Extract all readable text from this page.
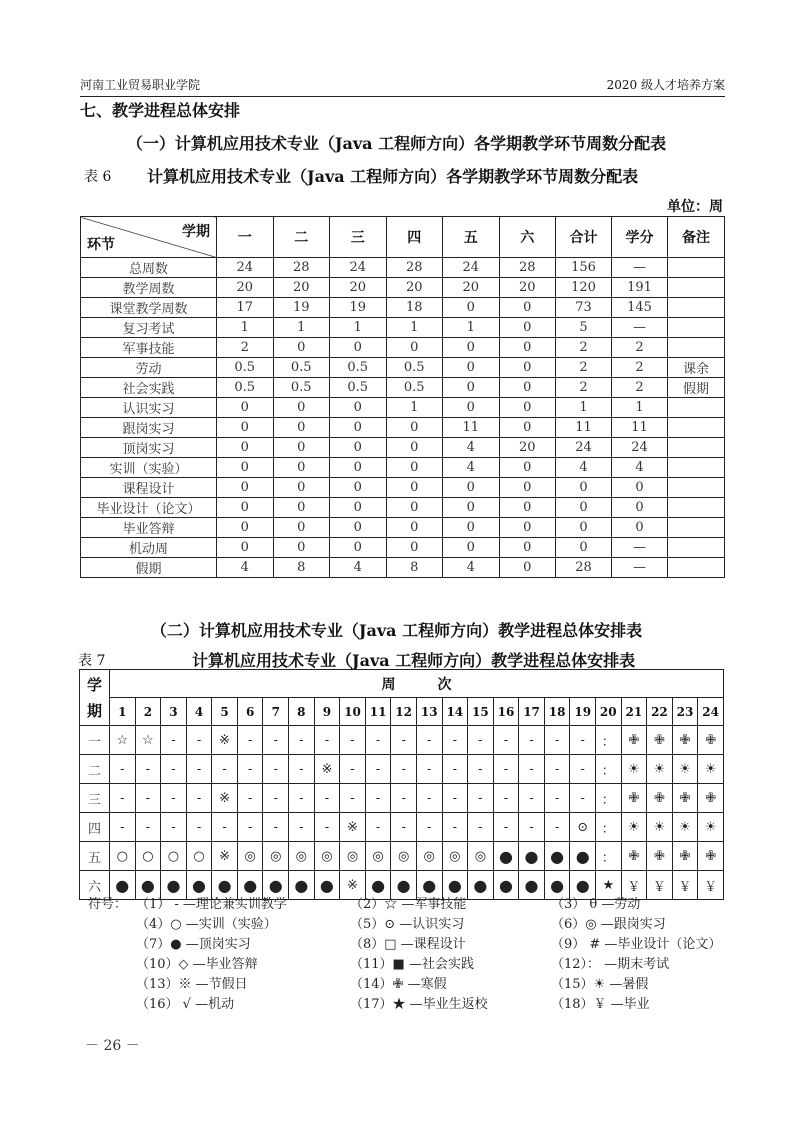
河南工业贸易职业学院	2020 级人才培养方案
七、教学进程总体安排
（一）计算机应用技术专业（Java 工程师方向）各学期教学环节周数分配表
表 6 计算机应用技术专业（Java 工程师方向）各学期教学环节周数分配表
单位：周
学期
环节	一	二	三	四	五	六	合计	学分	备注
总周数	24	28	24	28	24	28	156	—	
教学周数	20	20	20	20	20	20	120	191	
课堂教学周数	17	19	19	18	0	0	73	145	
复习考试	1	1	1	1	1	0	5	—	
军事技能	2	0	0	0	0	0	2	2	
劳动	0.5	0.5	0.5	0.5	0	0	2	2	课余
社会实践	0.5	0.5	0.5	0.5	0	0	2	2	假期
认识实习	0	0	0	1	0	0	1	1	
跟岗实习	0	0	0	0	11	0	11	11	
顶岗实习	0	0	0	0	4	20	24	24	
实训（实验）	0	0	0	0	4	0	4	4	
课程设计	0	0	0	0	0	0	0	0	
毕业设计（论文）	0	0	0	0	0	0	0	0	
毕业答辩	0	0	0	0	0	0	0	0	
机动周	0	0	0	0	0	0	0	—	
假期	4	8	4	8	4	0	28	—	
（二）计算机应用技术专业（Java 工程师方向）教学进程总体安排表
表 7	计算机应用技术专业（Java 工程师方向）教学进程总体安排表
学
期	周　　　次																							
	1	2	3	4	5	6	7	8	9	10	11	12	13	14	15	16	17	18	19	20	21	22	23	24
一	☆	☆	-	-	※	-	-	-	-	-	-	-	-	-	-	-	-	-	-	：	✙	✙	✙	✙
二	-	-	-	-	-	-	-	-	※	-	-	-	-	-	-	-	-	-	-	：	☀	☀	☀	☀
三	-	-	-	-	※	-	-	-	-	-	-	-	-	-	-	-	-	-	-	：	✙	✙	✙	✙
四	-	-	-	-	-	-	-	-	-	※	-	-	-	-	-	-	-	-	⊙	：	☀	☀	☀	☀
五	○	○	○	○	※	◎	◎	◎	◎	◎	◎	◎	◎	◎	◎	●	●	●	●	：	✙	✙	✙	✙
六	●	●	●	●	●	●	●	●	●	※	●	●	●	●	●	●	●	●	●	★	￥	￥	￥	￥
符号： （1） - —理论兼实训教学	（2）☆ —军事技能	（3） θ —劳动
（4）○ —实训（实验）	（5）⊙ —认识实习	（6）◎ —跟岗实习
（7）● —顶岗实习	（8）□ —课程设计	（9） # —毕业设计（论文）
（10）◇ —毕业答辩	（11）■ —社会实践	（12）： —期末考试
（13）※ —节假日	（14）✙ —寒假	（15）☀ —暑假
（16） √ —机动	（17）★ —毕业生返校	（18）￥ —毕业
－ 26 －
